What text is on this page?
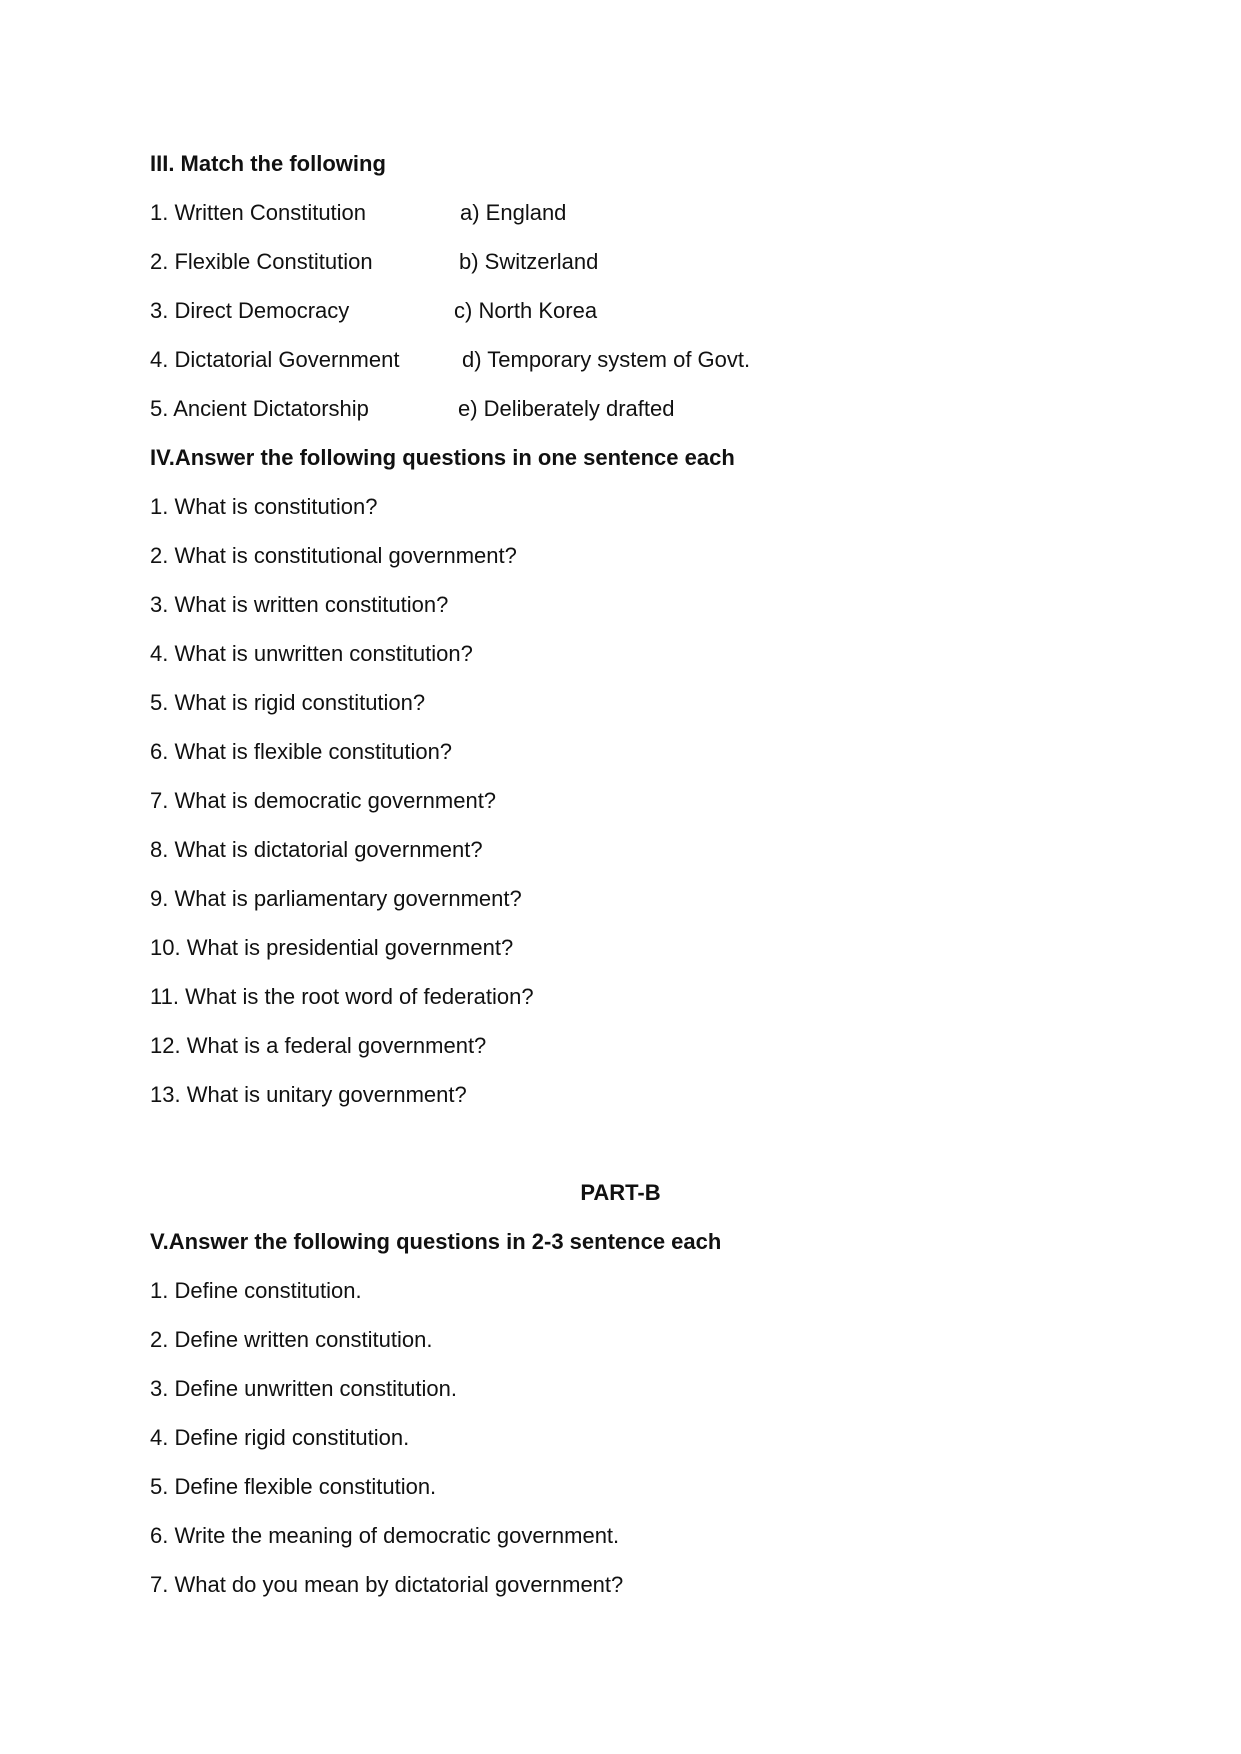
III. Match the following
1. Written Constitution	a) England
2. Flexible Constitution	b) Switzerland
3. Direct Democracy	c) North Korea
4. Dictatorial Government	d) Temporary system of Govt.
5. Ancient Dictatorship	e) Deliberately drafted
IV.Answer the following questions in one sentence each
1. What is constitution?
2. What is constitutional government?
3. What is written constitution?
4. What is unwritten constitution?
5. What is rigid constitution?
6. What is flexible constitution?
7. What is democratic government?
8. What is dictatorial government?
9. What is parliamentary government?
10. What is presidential government?
11. What is the root word of federation?
12. What is a federal government?
13. What is unitary government?
PART-B
V.Answer the following questions in 2-3 sentence each
1. Define constitution.
2. Define written constitution.
3. Define unwritten constitution.
4. Define rigid constitution.
5. Define flexible constitution.
6. Write the meaning of democratic government.
7. What do you mean by dictatorial government?
